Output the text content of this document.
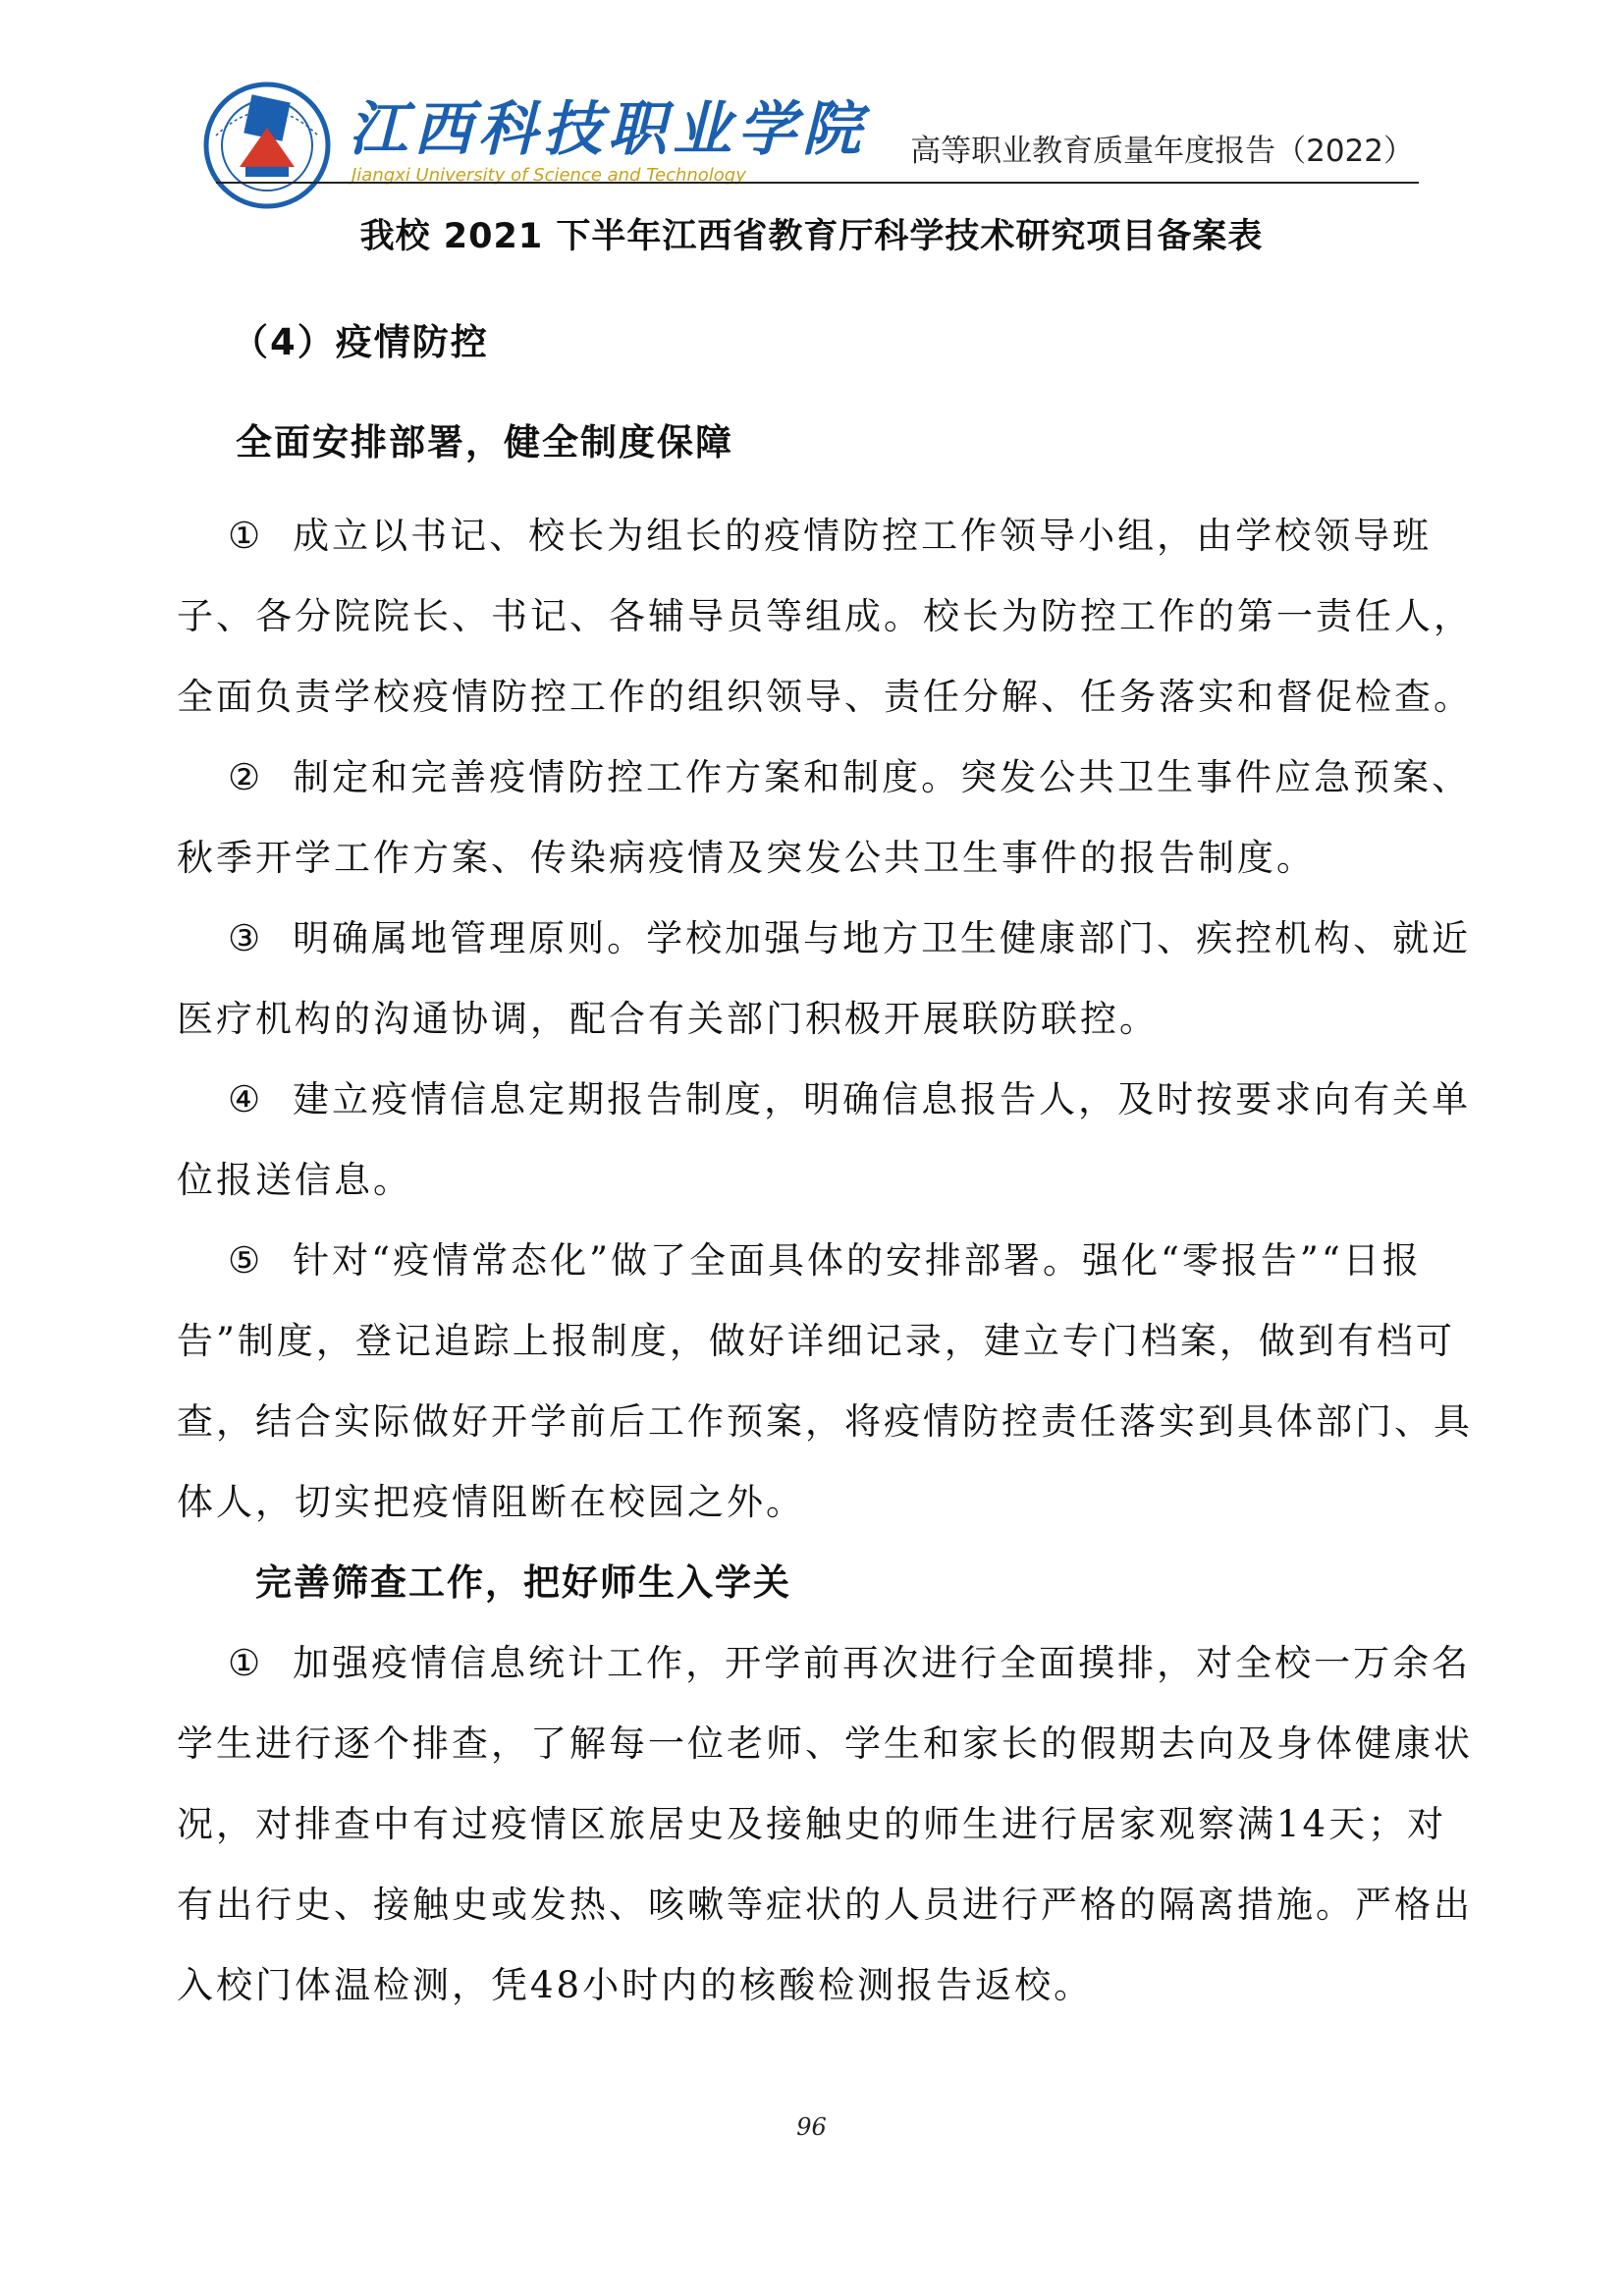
江西科技职业学院
Jiangxi University of Science and Technology
高等职业教育质量年度报告（2022）
我校 2021 下半年江西省教育厅科学技术研究项目备案表
（4）疫情防控
全面安排部署，健全制度保障

① 成立以书记、校长为组长的疫情防控工作领导小组，由学校领导班子、各分院院长、书记、各辅导员等组成。校长为防控工作的第一责任人，全面负责学校疫情防控工作的组织领导、责任分解、任务落实和督促检查。

② 制定和完善疫情防控工作方案和制度。突发公共卫生事件应急预案、秋季开学工作方案、传染病疫情及突发公共卫生事件的报告制度。

③ 明确属地管理原则。学校加强与地方卫生健康部门、疾控机构、就近医疗机构的沟通协调，配合有关部门积极开展联防联控。

④ 建立疫情信息定期报告制度，明确信息报告人，及时按要求向有关单位报送信息。

⑤ 针对“疫情常态化”做了全面具体的安排部署。强化“零报告”“日报告”制度，登记追踪上报制度，做好详细记录，建立专门档案，做到有档可查，结合实际做好开学前后工作预案，将疫情防控责任落实到具体部门、具体人，切实把疫情阻断在校园之外。

完善筛查工作，把好师生入学关

① 加强疫情信息统计工作，开学前再次进行全面摸排，对全校一万余名学生进行逐个排查，了解每一位老师、学生和家长的假期去向及身体健康状况，对排查中有过疫情区旅居史及接触史的师生进行居家观察满14天；对有出行史、接触史或发热、咳嗽等症状的人员进行严格的隔离措施。严格出入校门体温检测，凭48小时内的核酸检测报告返校。

96
